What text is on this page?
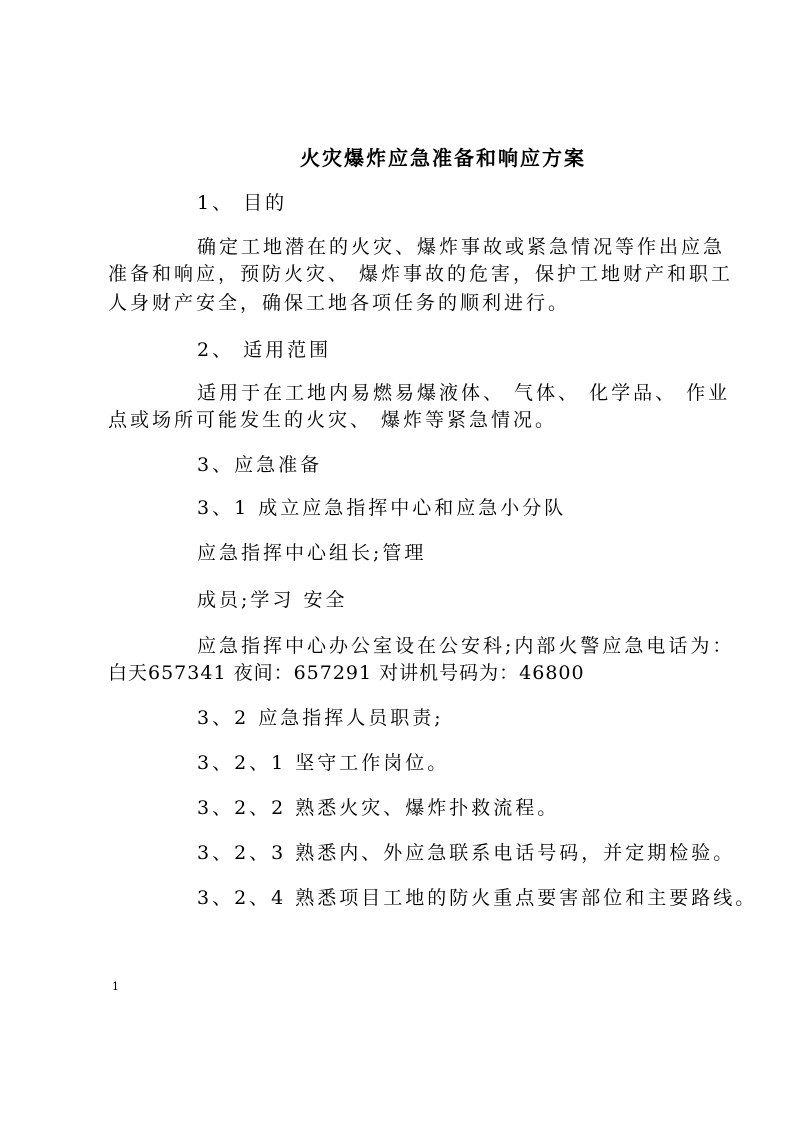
火灾爆炸应急准备和响应方案
1、 目的
确定工地潜在的火灾、爆炸事故或紧急情况等作出应急
准备和响应，预防火灾、 爆炸事故的危害，保护工地财产和职工
人身财产安全，确保工地各项任务的顺利进行。
2、 适用范围
适用于在工地内易燃易爆液体、 气体、 化学品、 作业
点或场所可能发生的火灾、 爆炸等紧急情况。
3、应急准备
3、1 成立应急指挥中心和应急小分队
应急指挥中心组长;管理
成员;学习 安全
应急指挥中心办公室设在公安科;内部火警应急电话为：
白天657341 夜间：657291 对讲机号码为：46800
3、2 应急指挥人员职责;
3、2、1 坚守工作岗位。
3、2、2 熟悉火灾、爆炸扑救流程。
3、2、3 熟悉内、外应急联系电话号码，并定期检验。
3、2、4 熟悉项目工地的防火重点要害部位和主要路线。
1
